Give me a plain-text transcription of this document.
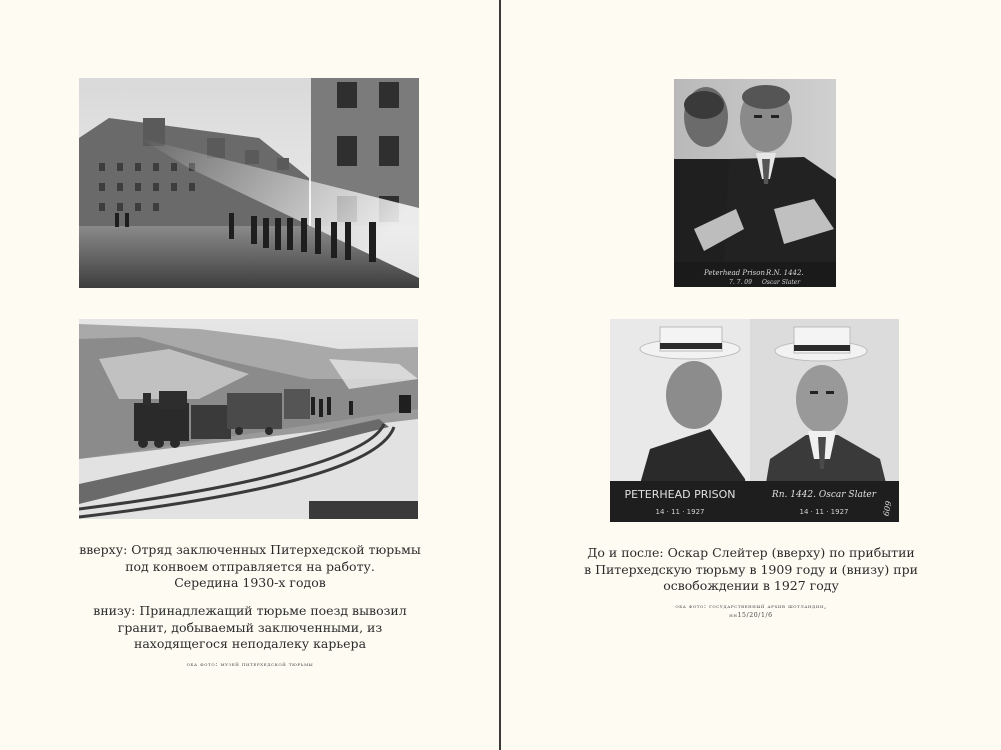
вверху: Отряд заключенных Питерхедской тюрьмы

под конвоем отправляется на работу.

Середина 1930-х годов

внизу: Принадлежащий тюрьме поезд вывозил

гранит, добываемый заключенными, из

находящегося неподалеку карьера

оба фото: музей питерхедской тюрьмы
Peterhead Prison R.N. 1442.
7. 7. 09 Oscar Slater
PETERHEAD PRISON
14 · 11 · 1927
Rn. 1442. Oscar Slater
14 · 11 · 1927	609

До и после: Оскар Слейтер (вверху) по прибытии

в Питерхедскую тюрьму в 1909 году и (внизу) при

освобождении в 1927 году

оба фото: государственный архив шотландии,
hh15/20/1/6
